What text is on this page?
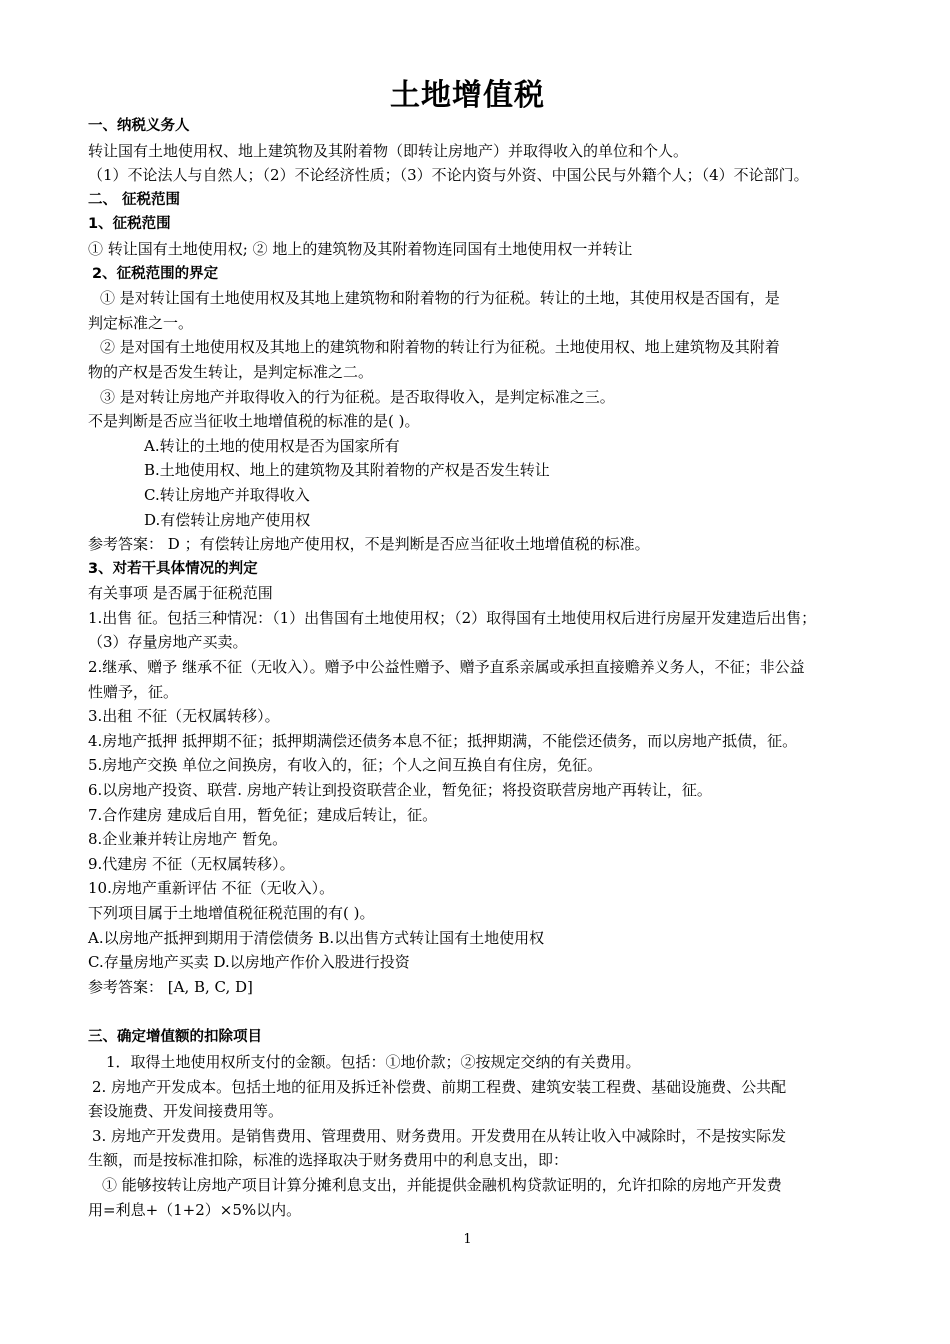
土地增值税
一、纳税义务人
转让国有土地使用权、地上建筑物及其附着物（即转让房地产）并取得收入的单位和个人。
（1）不论法人与自然人；（2）不论经济性质；（3）不论内资与外资、中国公民与外籍个人；（4）不论部门。
二、 征税范围
1、征税范围
① 转让国有土地使用权; ② 地上的建筑物及其附着物连同国有土地使用权一并转让
2、征税范围的界定
① 是对转让国有土地使用权及其地上建筑物和附着物的行为征税。转让的土地，其使用权是否国有，是
判定标准之一。
② 是对国有土地使用权及其地上的建筑物和附着物的转让行为征税。土地使用权、地上建筑物及其附着
物的产权是否发生转让，是判定标准之二。
③ 是对转让房地产并取得收入的行为征税。是否取得收入，是判定标准之三。
不是判断是否应当征收土地增值税的标准的是( )。
A.转让的土地的使用权是否为国家所有
B.土地使用权、地上的建筑物及其附着物的产权是否发生转让
C.转让房地产并取得收入
D.有偿转让房地产使用权
参考答案： D ；有偿转让房地产使用权，不是判断是否应当征收土地增值税的标准。
3、对若干具体情况的判定
有关事项 是否属于征税范围
1.出售 征。包括三种情况：（1）出售国有土地使用权；（2）取得国有土地使用权后进行房屋开发建造后出售；
（3）存量房地产买卖。
2.继承、赠予 继承不征（无收入）。赠予中公益性赠予、赠予直系亲属或承担直接赡养义务人，不征；非公益
性赠予，征。
3.出租 不征（无权属转移）。
4.房地产抵押 抵押期不征；抵押期满偿还债务本息不征；抵押期满，不能偿还债务，而以房地产抵债，征。
5.房地产交换 单位之间换房，有收入的，征；个人之间互换自有住房，免征。
6.以房地产投资、联营. 房地产转让到投资联营企业，暂免征；将投资联营房地产再转让，征。
7.合作建房 建成后自用，暂免征；建成后转让，征。
8.企业兼并转让房地产 暂免。
9.代建房 不征（无权属转移）。
10.房地产重新评估 不征（无收入）。
下列项目属于土地增值税征税范围的有( )。
A.以房地产抵押到期用于清偿债务 B.以出售方式转让国有土地使用权
C.存量房地产买卖 D.以房地产作价入股进行投资
参考答案： [A, B, C, D]
三、确定增值额的扣除项目
1．取得土地使用权所支付的金额。包括：①地价款；②按规定交纳的有关费用。
2. 房地产开发成本。包括土地的征用及拆迁补偿费、前期工程费、建筑安装工程费、基础设施费、公共配
套设施费、开发间接费用等。
3. 房地产开发费用。是销售费用、管理费用、财务费用。开发费用在从转让收入中减除时，不是按实际发
生额，而是按标准扣除，标准的选择取决于财务费用中的利息支出，即：
① 能够按转让房地产项目计算分摊利息支出，并能提供金融机构贷款证明的，允许扣除的房地产开发费
用=利息+（1+2）×5%以内。
1
